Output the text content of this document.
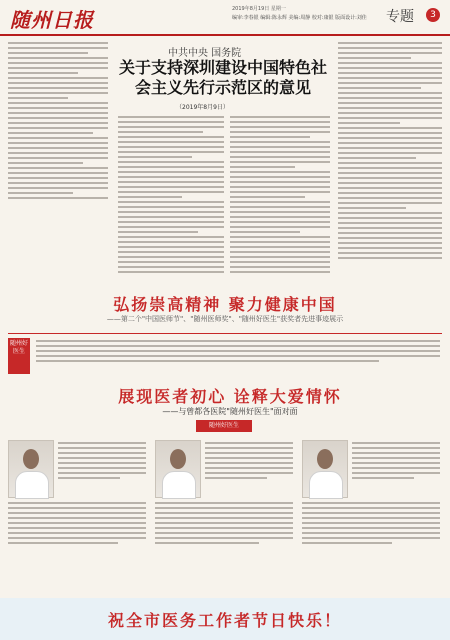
随州日报	2019年8月19日 星期一
编审:李春银 编辑:陈永辉 美编:周静 校对:康银 版面设计:刘佳 专题	3
中共中央 国务院
关于支持深圳建设中国特色社会主义先行示范区的意见
（2019年8月9日）
弘扬崇高精神 聚力健康中国
——第二个"中国医师节"、"随州医师奖"、"随州好医生"获奖者先进事迹展示
随州好医生
展现医者初心 诠释大爱情怀
——与曾都各医院"随州好医生"面对面
随州好医生
祝全市医务工作者节日快乐！
